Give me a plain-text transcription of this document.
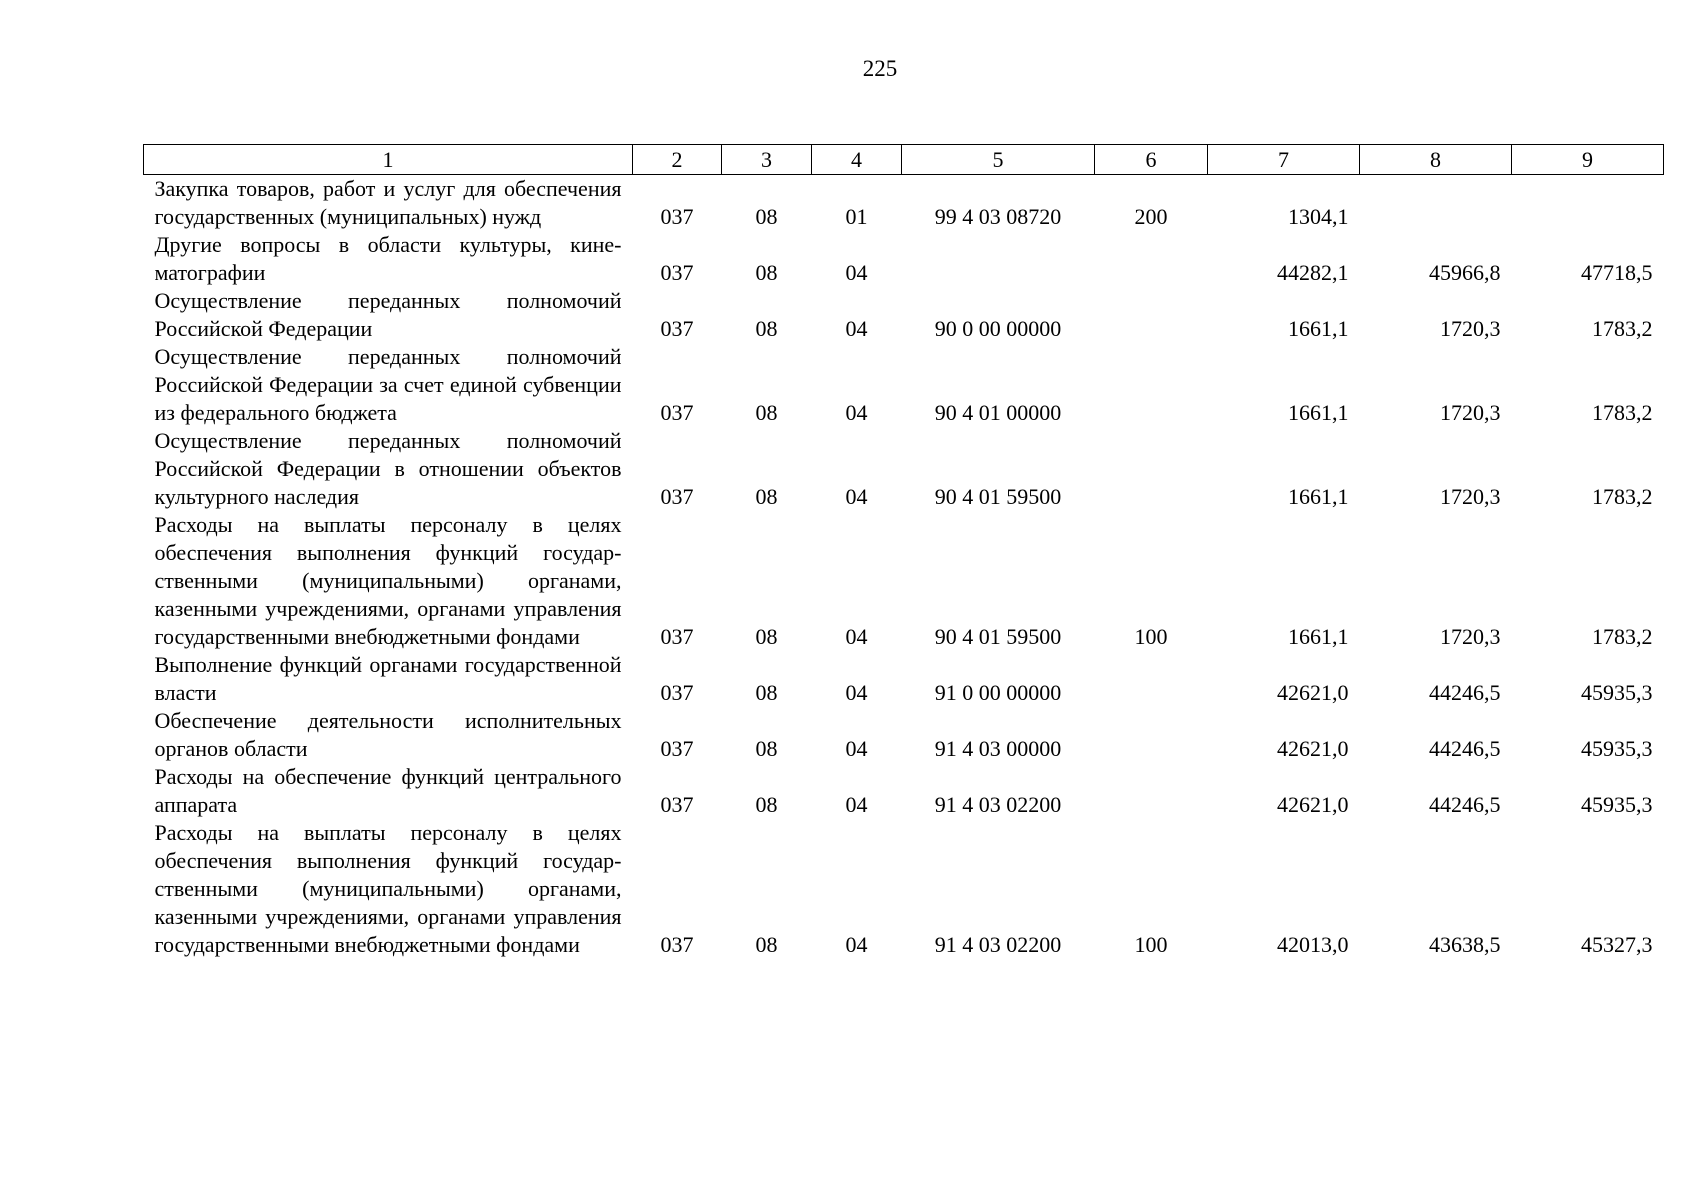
225
1	2	3	4	5	6	7	8	9
Закупка товаров, работ и услуг для обеспечения государственных (муниципальных) нужд	037	08	01	99 4 03 08720	200	1304,1		
Другие вопросы в области культуры, кинематографии	037	08	04			44282,1	45966,8	47718,5
Осуществление переданных полномочий Российской Федерации	037	08	04	90 0 00 00000		1661,1	1720,3	1783,2
Осуществление переданных полномочий Российской Федерации за счет единой субвенции из федерального бюджета	037	08	04	90 4 01 00000		1661,1	1720,3	1783,2
Осуществление переданных полномочий Российской Федерации в отношении объектов культурного наследия	037	08	04	90 4 01 59500		1661,1	1720,3	1783,2
Расходы на выплаты персоналу в целях обеспечения выполнения функций государственными (муниципальными) органами, казенными учреждениями, органами управления государственными внебюджетными фондами	037	08	04	90 4 01 59500	100	1661,1	1720,3	1783,2
Выполнение функций органами государственной власти	037	08	04	91 0 00 00000		42621,0	44246,5	45935,3
Обеспечение деятельности исполнительных органов области	037	08	04	91 4 03 00000		42621,0	44246,5	45935,3
Расходы на обеспечение функций центрального аппарата	037	08	04	91 4 03 02200		42621,0	44246,5	45935,3
Расходы на выплаты персоналу в целях обеспечения выполнения функций государственными (муниципальными) органами, казенными учреждениями, органами управления государственными внебюджетными фондами	037	08	04	91 4 03 02200	100	42013,0	43638,5	45327,3
